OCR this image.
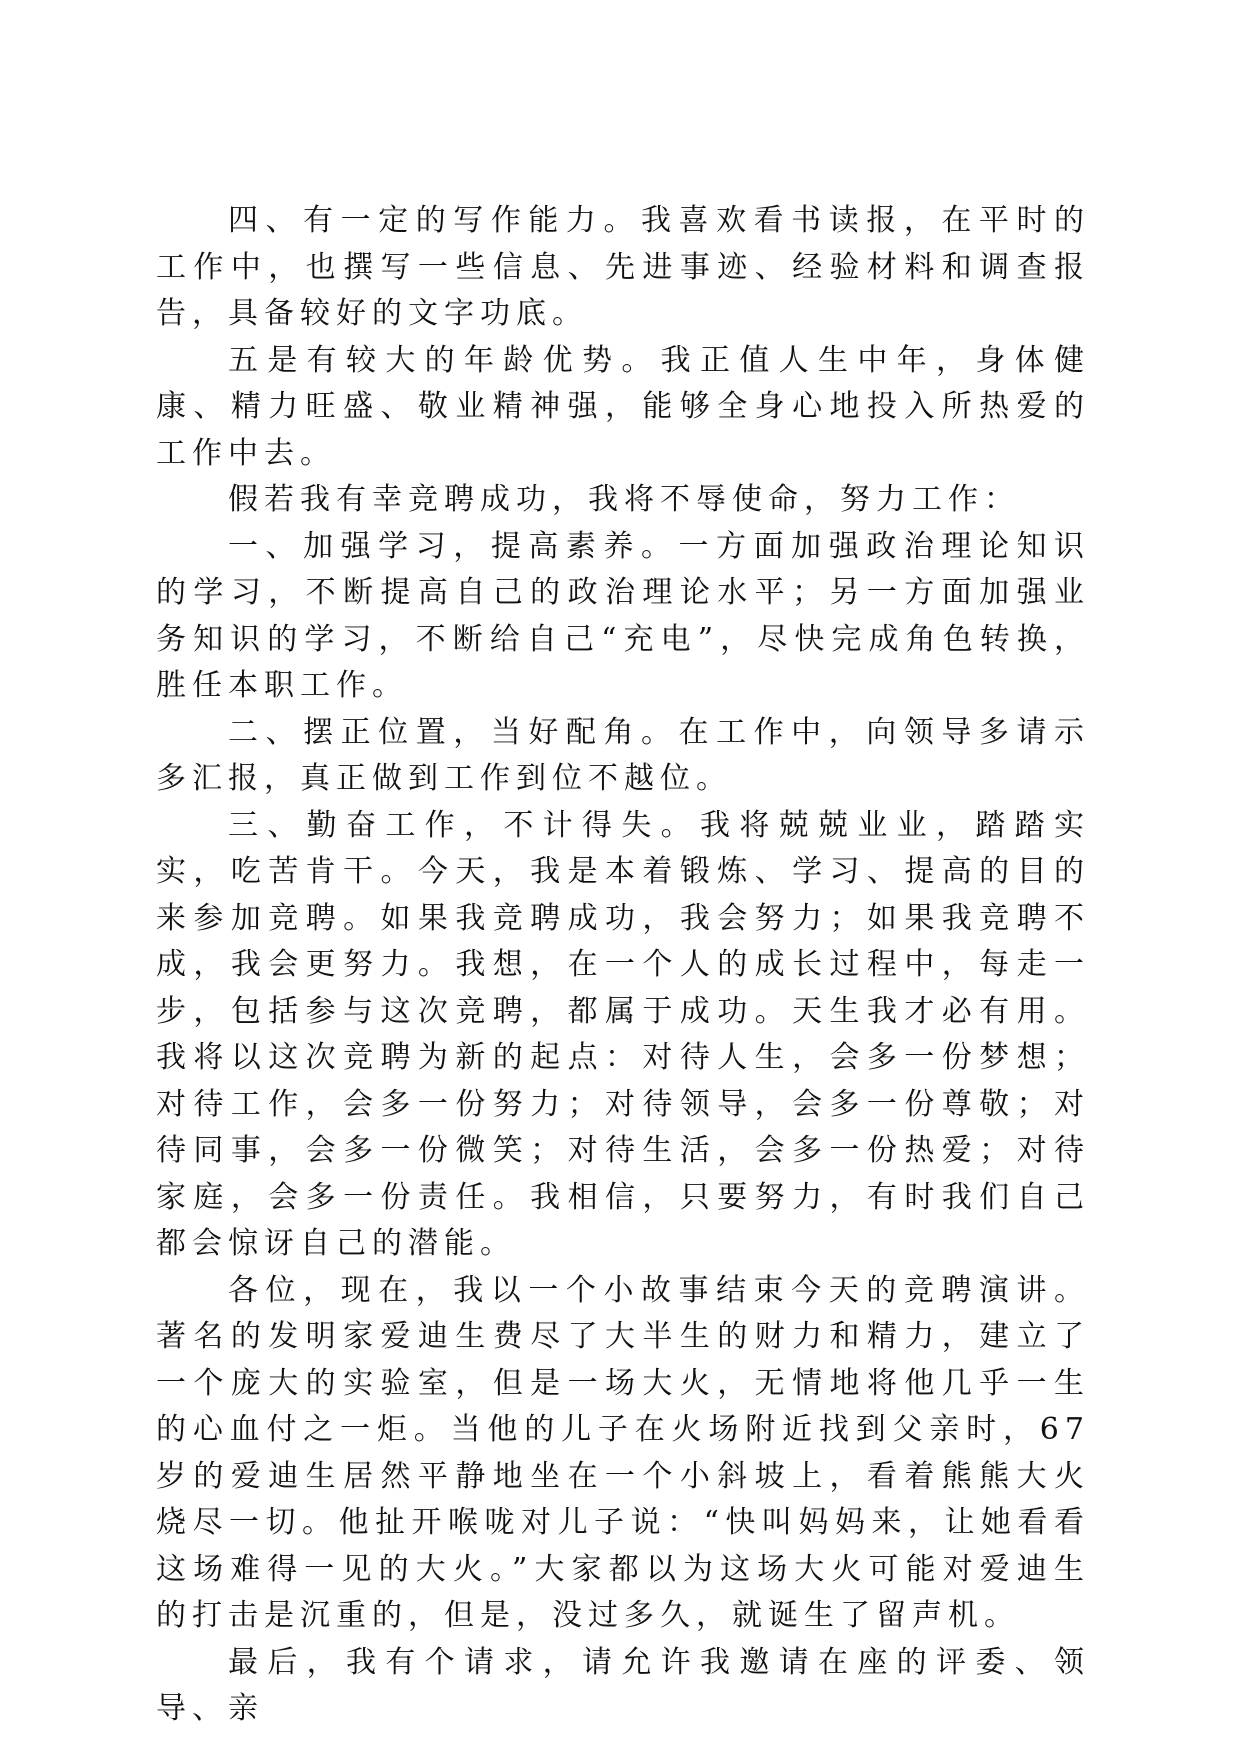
四、有一定的写作能力。我喜欢看书读报，在平时的工作中，也撰写一些信息、先进事迹、经验材料和调查报告，具备较好的文字功底。

五是有较大的年龄优势。我正值人生中年，身体健康、精力旺盛、敬业精神强，能够全身心地投入所热爱的工作中去。

假若我有幸竞聘成功，我将不辱使命，努力工作：

一、加强学习，提高素养。一方面加强政治理论知识的学习，不断提高自己的政治理论水平；另一方面加强业务知识的学习，不断给自己“充电”，尽快完成角色转换，胜任本职工作。

二、摆正位置，当好配角。在工作中，向领导多请示多汇报，真正做到工作到位不越位。

三、勤奋工作，不计得失。我将兢兢业业，踏踏实实，吃苦肯干。今天，我是本着锻炼、学习、提高的目的来参加竞聘。如果我竞聘成功，我会努力；如果我竞聘不成，我会更努力。我想，在一个人的成长过程中，每走一步，包括参与这次竞聘，都属于成功。天生我才必有用。我将以这次竞聘为新的起点：对待人生，会多一份梦想；对待工作，会多一份努力；对待领导，会多一份尊敬；对待同事，会多一份微笑；对待生活，会多一份热爱；对待家庭，会多一份责任。我相信，只要努力，有时我们自己都会惊讶自己的潜能。

各位，现在，我以一个小故事结束今天的竞聘演讲。著名的发明家爱迪生费尽了大半生的财力和精力，建立了一个庞大的实验室，但是一场大火，无情地将他几乎一生的心血付之一炬。当他的儿子在火场附近找到父亲时，67岁的爱迪生居然平静地坐在一个小斜坡上，看着熊熊大火烧尽一切。他扯开喉咙对儿子说：“快叫妈妈来，让她看看这场难得一见的大火。”大家都以为这场大火可能对爱迪生的打击是沉重的，但是，没过多久，就诞生了留声机。

最后，我有个请求，请允许我邀请在座的评委、领导、亲
